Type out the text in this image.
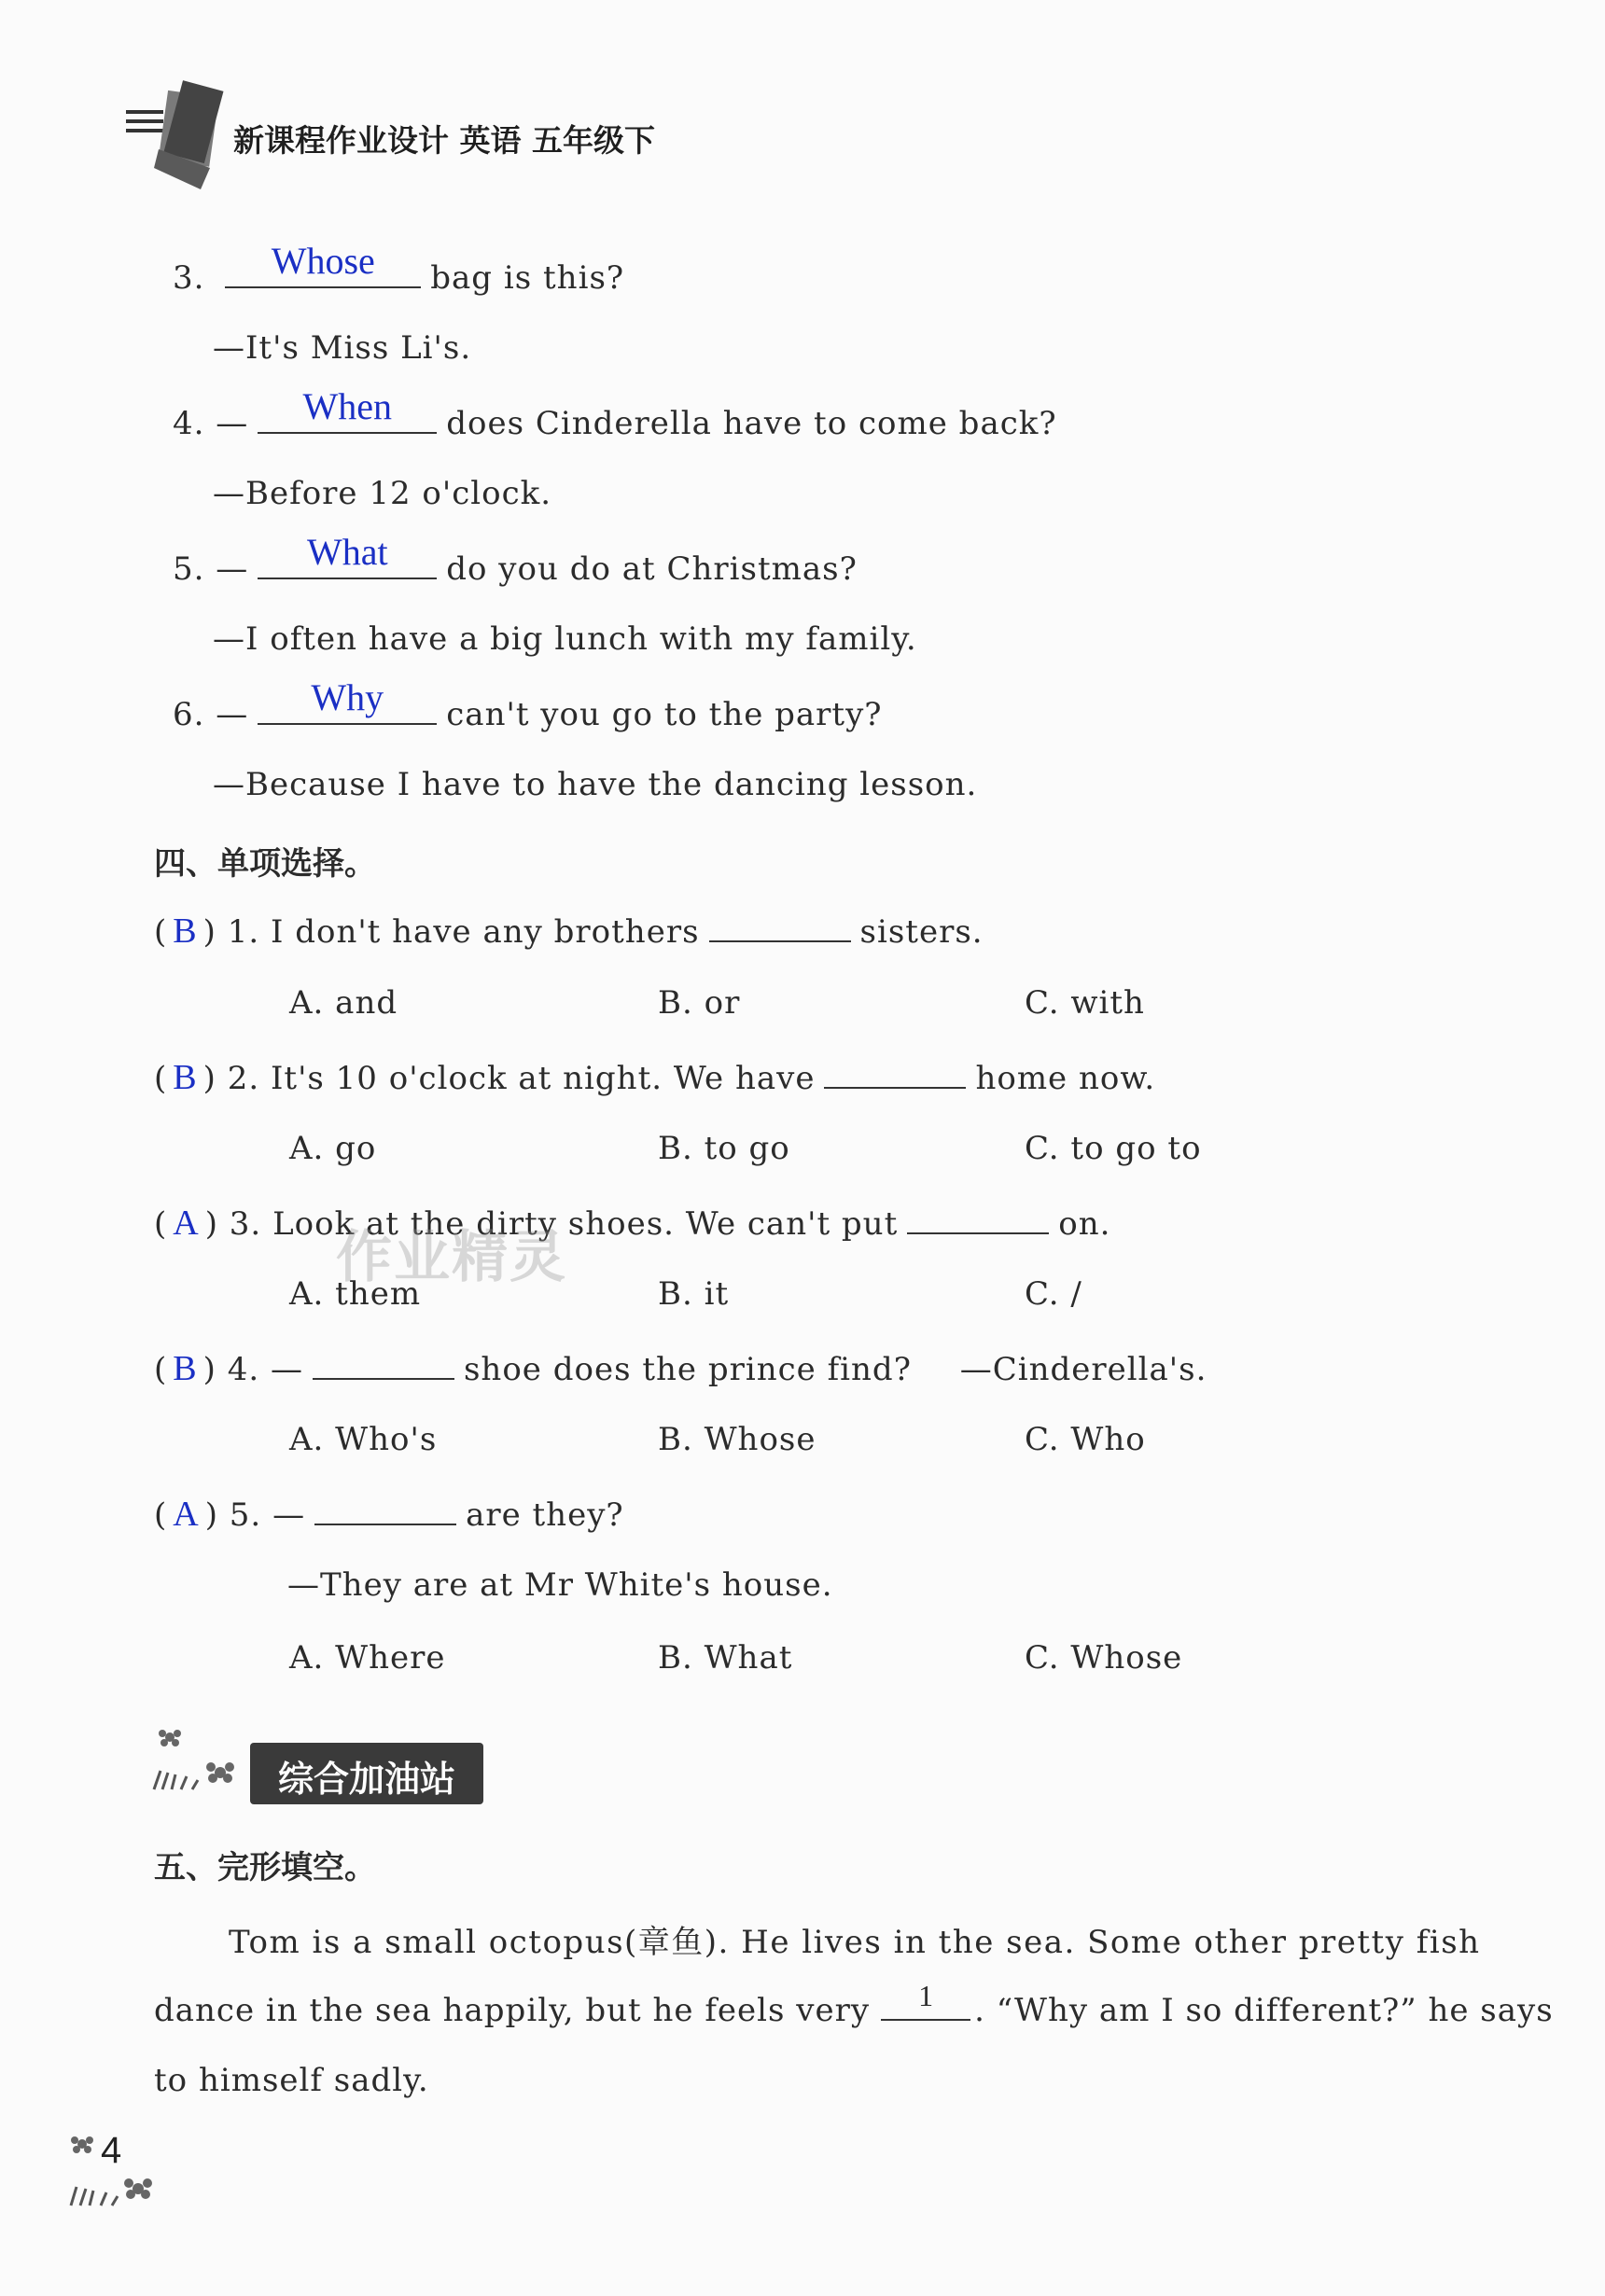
新课程作业设计 英语 五年级下
3.	Whose	bag is this?
—It's Miss Li's.
4. —	When	does Cinderella have to come back?
—Before 12 o'clock.
5. —	What	do you do at Christmas?
—I often have a big lunch with my family.
6. —	Why	can't you go to the party?
—Because I have to have the dancing lesson.
四、单项选择。
( B ) 1. I don't have any brothers	sisters.
A. and	B. or	C. with
( B ) 2. It's 10 o'clock at night. We have	home now.
A. go	B. to go	C. to go to
( A ) 3. Look at the dirty shoes. We can't put	on.
A. them	B. it	C. /
作业精灵
( B ) 4. —	shoe does the prince find? —Cinderella's.
A. Who's	B. Whose	C. Who
( A ) 5. —	are they?
—They are at Mr White's house.
A. Where	B. What	C. Whose
综合加油站
五、完形填空。
Tom is a small octopus(章鱼). He lives in the sea. Some other pretty fish
dance in the sea happily, but he feels very	1	. “Why am I so different?” he says
to himself sadly.
4
